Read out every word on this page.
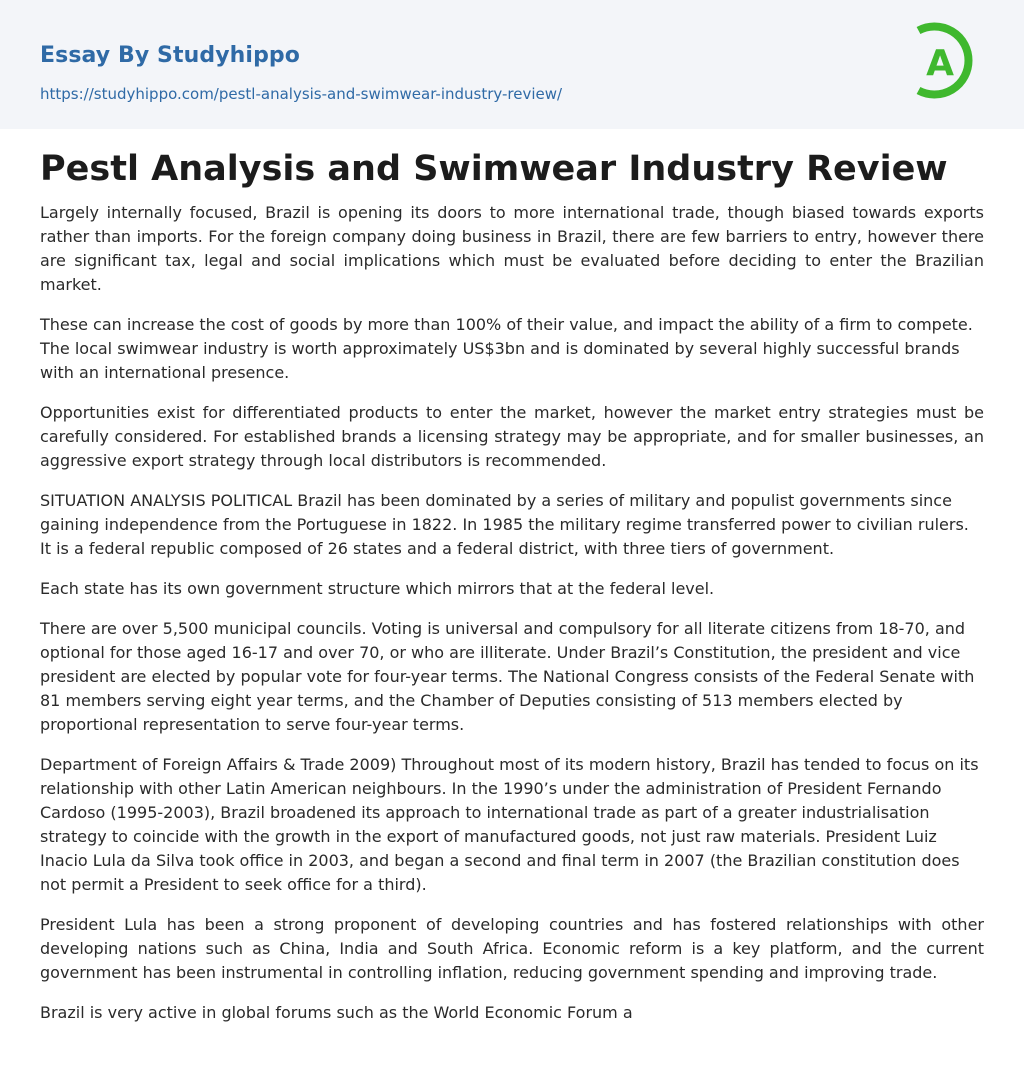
Essay By Studyhippo
https://studyhippo.com/pestl-analysis-and-swimwear-industry-review/
A
Pestl Analysis and Swimwear Industry Review

Largely internally focused, Brazil is opening its doors to more international trade, though biased towards exports rather than imports. For the foreign company doing business in Brazil, there are few barriers to entry, however there are significant tax, legal and social implications which must be evaluated before deciding to enter the Brazilian market.

These can increase the cost of goods by more than 100% of their value, and impact the ability of a firm to compete. The local swimwear industry is worth approximately US$3bn and is dominated by several highly successful brands with an international presence.

Opportunities exist for differentiated products to enter the market, however the market entry strategies must be carefully considered. For established brands a licensing strategy may be appropriate, and for smaller businesses, an aggressive export strategy through local distributors is recommended.

SITUATION ANALYSIS POLITICAL Brazil has been dominated by a series of military and populist governments since gaining independence from the Portuguese in 1822. In 1985 the military regime transferred power to civilian rulers. It is a federal republic composed of 26 states and a federal district, with three tiers of government.

Each state has its own government structure which mirrors that at the federal level.

There are over 5,500 municipal councils. Voting is universal and compulsory for all literate citizens from 18-70, and optional for those aged 16-17 and over 70, or who are illiterate. Under Brazil’s Constitution, the president and vice president are elected by popular vote for four-year terms. The National Congress consists of the Federal Senate with 81 members serving eight year terms, and the Chamber of Deputies consisting of 513 members elected by proportional representation to serve four-year terms.

Department of Foreign Affairs & Trade 2009) Throughout most of its modern history, Brazil has tended to focus on its relationship with other Latin American neighbours. In the 1990’s under the administration of President Fernando Cardoso (1995-2003), Brazil broadened its approach to international trade as part of a greater industrialisation strategy to coincide with the growth in the export of manufactured goods, not just raw materials. President Luiz Inacio Lula da Silva took office in 2003, and began a second and final term in 2007 (the Brazilian constitution does not permit a President to seek office for a third).

President Lula has been a strong proponent of developing countries and has fostered relationships with other developing nations such as China, India and South Africa. Economic reform is a key platform, and the current government has been instrumental in controlling inflation, reducing government spending and improving trade.

Brazil is very active in global forums such as the World Economic Forum a
